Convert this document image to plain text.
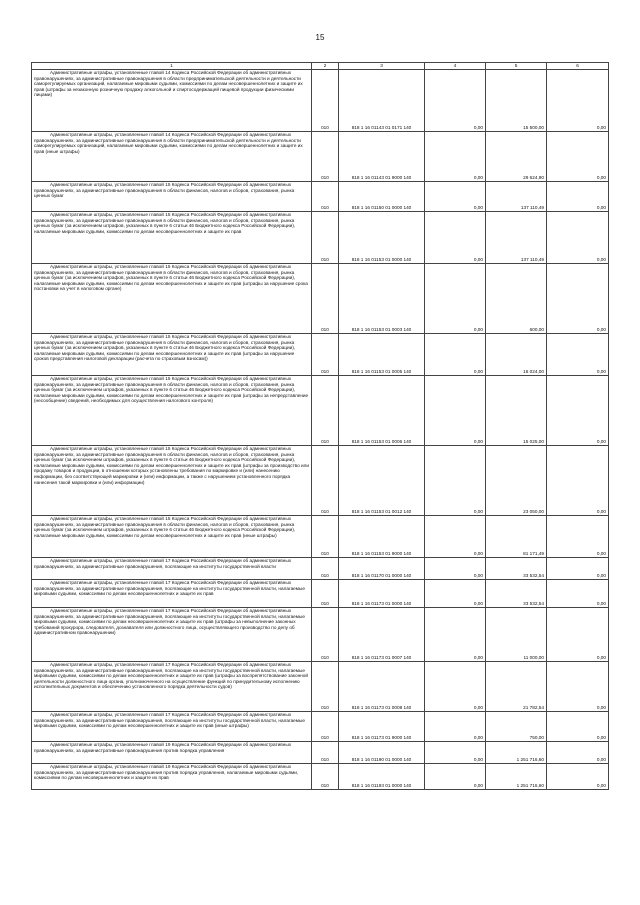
15
1	2	3	4	5	6

Административные штрафы, установленные главой 14 Кодекса Российской Федерации об административных правонарушениях, за административные правонарушения в области предпринимательской деятельности и деятельности саморегулируемых организаций, налагаемые мировыми судьями, комиссиями по делам несовершеннолетних и защите их прав (штрафы за незаконную розничную продажу алкогольной и спиртосодержащей пищевой продукции физическими лицами)	010	818 1 16 01143 01 0171 140	0,00	15 500,00	0,00

Административные штрафы, установленные главой 14 Кодекса Российской Федерации об административных правонарушениях, за административные правонарушения в области предпринимательской деятельности и деятельности саморегулируемых организаций, налагаемые мировыми судьями, комиссиями по делам несовершеннолетних и защите их прав (иные штрафы)	010	818 1 16 01143 01 9000 140	0,00	29 624,90	0,00

Административные штрафы, установленные главой 15 Кодекса Российской Федерации об административных правонарушениях, за административные правонарушения в области финансов, налогов и сборов, страхования, рынка ценных бумаг	010	818 1 16 01150 01 0000 140	0,00	137 110,49	0,00

Административные штрафы, установленные главой 15 Кодекса Российской Федерации об административных правонарушениях, за административные правонарушения в области финансов, налогов и сборов, страхования, рынка ценных бумаг (за исключением штрафов, указанных в пункте 6 статьи 46 Бюджетного кодекса Российской Федерации), налагаемые мировыми судьями, комиссиями по делам несовершеннолетних и защите их прав	010	818 1 16 01153 01 0000 140	0,00	137 110,49	0,00

Административные штрафы, установленные главой 15 Кодекса Российской Федерации об административных правонарушениях, за административные правонарушения в области финансов, налогов и сборов, страхования, рынка ценных бумаг (за исключением штрафов, указанных в пункте 6 статьи 46 Бюджетного кодекса Российской Федерации), налагаемые мировыми судьями, комиссиями по делам несовершеннолетних и защите их прав (штрафы за нарушение срока постановки на учет в налоговом органе)	010	818 1 16 01153 01 0003 140	0,00	600,00	0,00

Административные штрафы, установленные главой 15 Кодекса Российской Федерации об административных правонарушениях, за административные правонарушения в области финансов, налогов и сборов, страхования, рынка ценных бумаг (за исключением штрафов, указанных в пункте 6 статьи 46 Бюджетного кодекса Российской Федерации), налагаемые мировыми судьями, комиссиями по делам несовершеннолетних и защите их прав (штрафы за нарушение сроков представления налоговой декларации (расчета по страховым взносам))	010	818 1 16 01153 01 0005 140	0,00	16 024,00	0,00

Административные штрафы, установленные главой 15 Кодекса Российской Федерации об административных правонарушениях, за административные правонарушения в области финансов, налогов и сборов, страхования, рынка ценных бумаг (за исключением штрафов, указанных в пункте 6 статьи 46 Бюджетного кодекса Российской Федерации), налагаемые мировыми судьями, комиссиями по делам несовершеннолетних и защите их прав (штрафы за непредставление (несообщение) сведений, необходимых для осуществления налогового контроля)	010	818 1 16 01153 01 0006 140	0,00	15 025,00	0,00

Административные штрафы, установленные главой 15 Кодекса Российской Федерации об административных правонарушениях, за административные правонарушения в области финансов, налогов и сборов, страхования, рынка ценных бумаг (за исключением штрафов, указанных в пункте 6 статьи 46 Бюджетного кодекса Российской Федерации), налагаемые мировыми судьями, комиссиями по делам несовершеннолетних и защите их прав (штрафы за производство или продажу товаров и продукции, в отношении которых установлены требования по маркировке и (или) нанесению информации, без соответствующей маркировки и (или) информации, а также с нарушением установленного порядка нанесения такой маркировки и (или) информации)	010	818 1 16 01153 01 0012 140	0,00	23 050,00	0,00

Административные штрафы, установленные главой 15 Кодекса Российской Федерации об административных правонарушениях, за административные правонарушения в области финансов, налогов и сборов, страхования, рынка ценных бумаг (за исключением штрафов, указанных в пункте 6 статьи 46 Бюджетного кодекса Российской Федерации), налагаемые мировыми судьями, комиссиями по делам несовершеннолетних и защите их прав (иные штрафы)	010	818 1 16 01153 01 9000 140	0,00	81 171,49	0,00

Административные штрафы, установленные главой 17 Кодекса Российской Федерации об административных правонарушениях, за административные правонарушения, посягающие на институты государственной власти	010	818 1 16 01170 01 0000 140	0,00	33 532,54	0,00

Административные штрафы, установленные главой 17 Кодекса Российской Федерации об административных правонарушениях, за административные правонарушения, посягающие на институты государственной власти, налагаемые мировыми судьями, комиссиями по делам несовершеннолетних и защите их прав	010	818 1 16 01173 01 0000 140	0,00	33 532,54	0,00

Административные штрафы, установленные главой 17 Кодекса Российской Федерации об административных правонарушениях, за административные правонарушения, посягающие на институты государственной власти, налагаемые мировыми судьями, комиссиями по делам несовершеннолетних и защите их прав (штрафы за невыполнение законных требований прокурора, следователя, дознавателя или должностного лица, осуществляющего производство по делу об административном правонарушении)	010	818 1 16 01173 01 0007 140	0,00	11 000,00	0,00

Административные штрафы, установленные главой 17 Кодекса Российской Федерации об административных правонарушениях, за административные правонарушения, посягающие на институты государственной власти, налагаемые мировыми судьями, комиссиями по делам несовершеннолетних и защите их прав (штрафы за воспрепятствование законной деятельности должностного лица органа, уполномоченного на осуществление функций по принудительному исполнению исполнительных документов и обеспечению установленного порядка деятельности судов)	010	818 1 16 01173 01 0008 140	0,00	21 782,54	0,00

Административные штрафы, установленные главой 17 Кодекса Российской Федерации об административных правонарушениях, за административные правонарушения, посягающие на институты государственной власти, налагаемые мировыми судьями, комиссиями по делам несовершеннолетних и защите их прав (иные штрафы)	010	818 1 16 01173 01 9000 140	0,00	750,00	0,00

Административные штрафы, установленные главой 19 Кодекса Российской Федерации об административных правонарушениях, за административные правонарушения против порядка управления	010	818 1 16 01190 01 0000 140	0,00	1 251 716,60	0,00

Административные штрафы, установленные главой 19 Кодекса Российской Федерации об административных правонарушениях, за административные правонарушения против порядка управления, налагаемые мировыми судьями, комиссиями по делам несовершеннолетних и защите их прав	010	818 1 16 01193 01 0000 140	0,00	1 251 716,60	0,00
